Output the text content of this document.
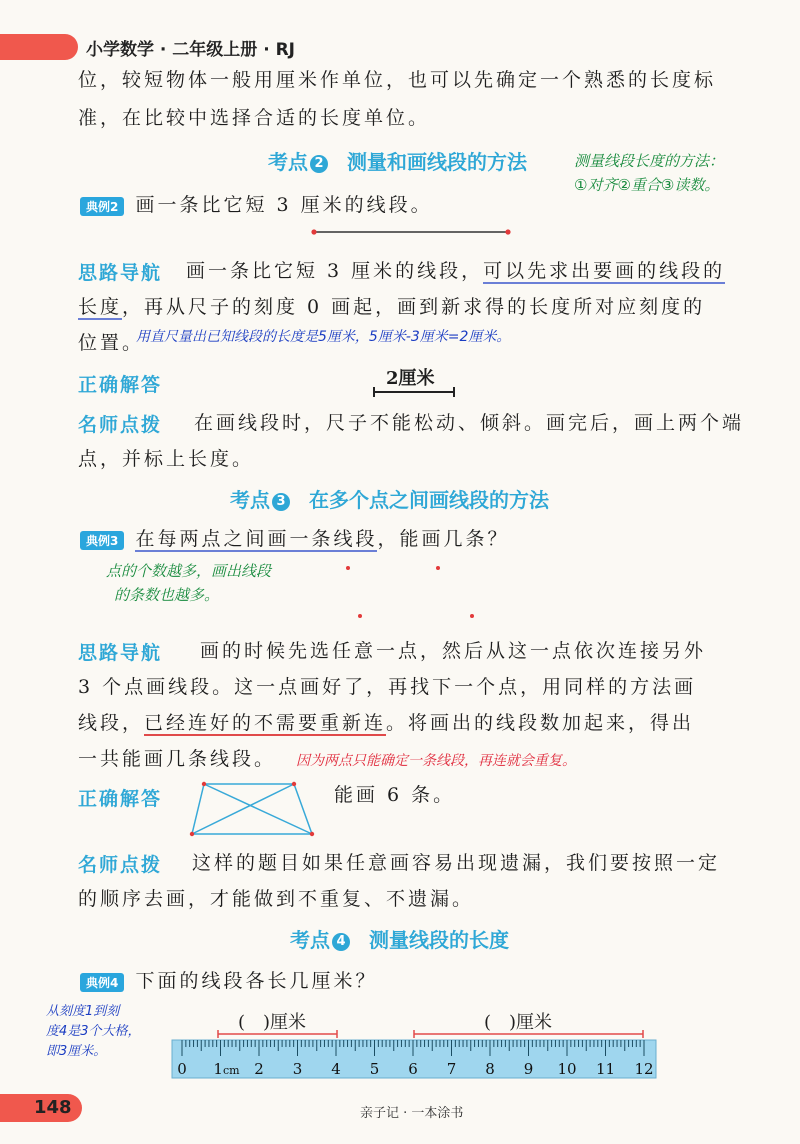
小学数学 · 二年级上册 · RJ
位，较短物体一般用厘米作单位，也可以先确定一个熟悉的长度标
准，在比较中选择合适的长度单位。
考点 2 测量和画线段的方法	测量线段长度的方法：
①对齐②重合③读数。
典例2 画一条比它短 3 厘米的线段。
思路导航 画一条比它短 3 厘米的线段，可以先求出要画的线段的
长度，再从尺子的刻度 0 画起，画到新求得的长度所对应刻度的
位置。
用直尺量出已知线段的长度是5厘米，5厘米-3厘米=2厘米。
正确解答	2厘米
名师点拨 在画线段时，尺子不能松动、倾斜。画完后，画上两个端
点，并标上长度。
考点 3 在多个点之间画线段的方法
典例3 在每两点之间画一条线段，能画几条？
点的个数越多，画出线段
的条数也越多。
思路导航 画的时候先选任意一点，然后从这一点依次连接另外
3 个点画线段。这一点画好了，再找下一个点，用同样的方法画
线段，已经连好的不需要重新连。将画出的线段数加起来，得出
一共能画几条线段。 因为两点只能确定一条线段，再连就会重复。
正确解答	能画 6 条。
名师点拨 这样的题目如果任意画容易出现遗漏，我们要按照一定
的顺序去画，才能做到不重复、不遗漏。
考点 4 测量线段的长度
典例4 下面的线段各长几厘米？
从刻度1到刻
度4是3个大格，
即3厘米。
(　)厘米	(　)厘米
0 1cm 2 3 4 5 6 7 8 9 10 11 12
148	亲子记 · 一本涂书
